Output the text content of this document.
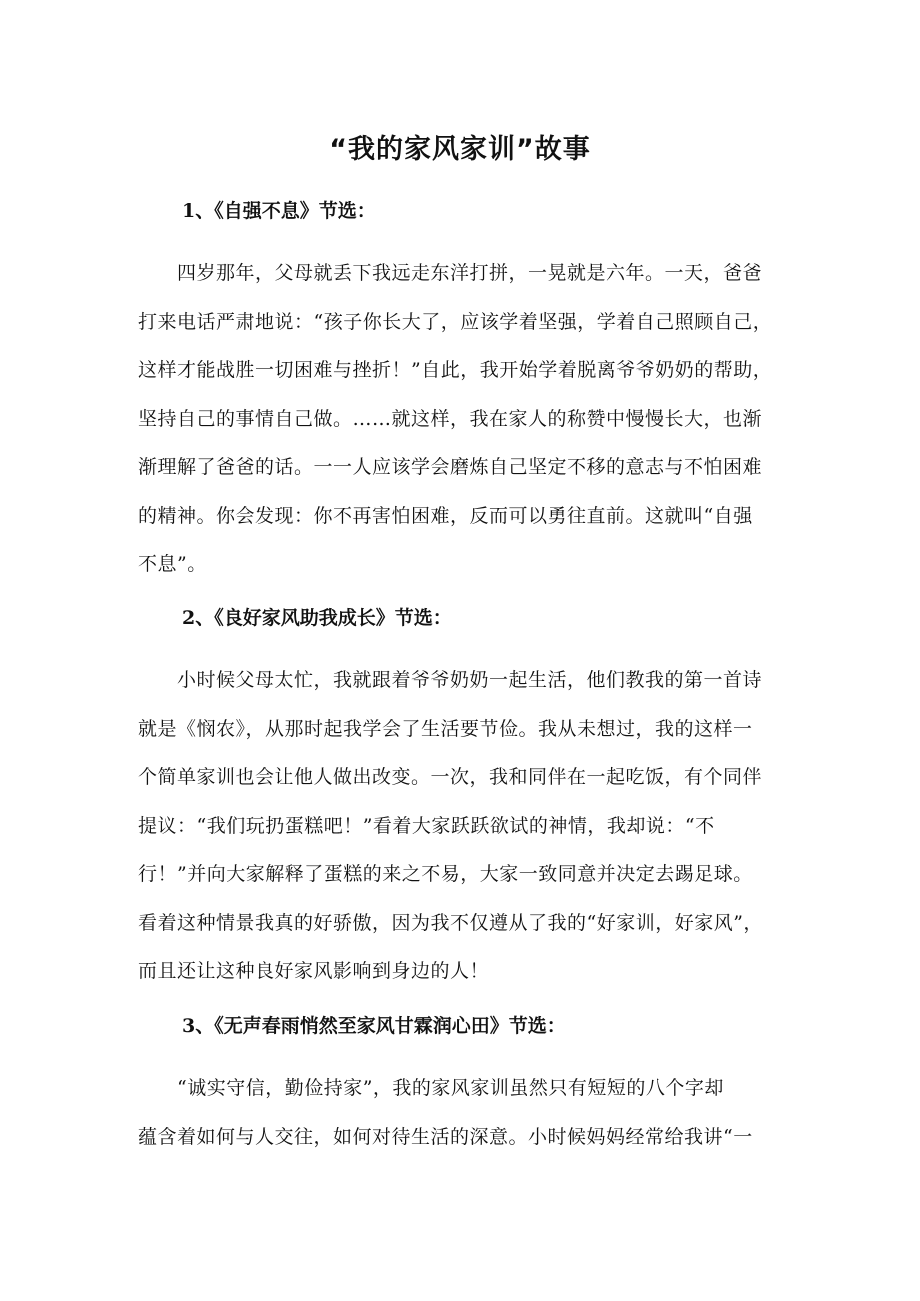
“我的家风家训”故事
1、《自强不息》节选：
　　四岁那年，父母就丢下我远走东洋打拼，一晃就是六年。一天，爸爸
打来电话严肃地说：“孩子你长大了，应该学着坚强，学着自己照顾自己，
这样才能战胜一切困难与挫折！”自此，我开始学着脱离爷爷奶奶的帮助，
坚持自己的事情自己做。……就这样，我在家人的称赞中慢慢长大，也渐
渐理解了爸爸的话。一一人应该学会磨炼自己坚定不移的意志与不怕困难
的精神。你会发现：你不再害怕困难，反而可以勇往直前。这就叫“自强
不息”。
2、《良好家风助我成长》节选：
　　小时候父母太忙，我就跟着爷爷奶奶一起生活，他们教我的第一首诗
就是《悯农》，从那时起我学会了生活要节俭。我从未想过，我的这样一
个简单家训也会让他人做出改变。一次，我和同伴在一起吃饭，有个同伴
提议：“我们玩扔蛋糕吧！”看着大家跃跃欲试的神情，我却说：“不
行！”并向大家解释了蛋糕的来之不易，大家一致同意并决定去踢足球。
看着这种情景我真的好骄傲，因为我不仅遵从了我的“好家训，好家风”，
而且还让这种良好家风影响到身边的人！
3、《无声春雨悄然至家风甘霖润心田》节选：
　　“诚实守信，勤俭持家”，我的家风家训虽然只有短短的八个字却
蕴含着如何与人交往，如何对待生活的深意。小时候妈妈经常给我讲“一
